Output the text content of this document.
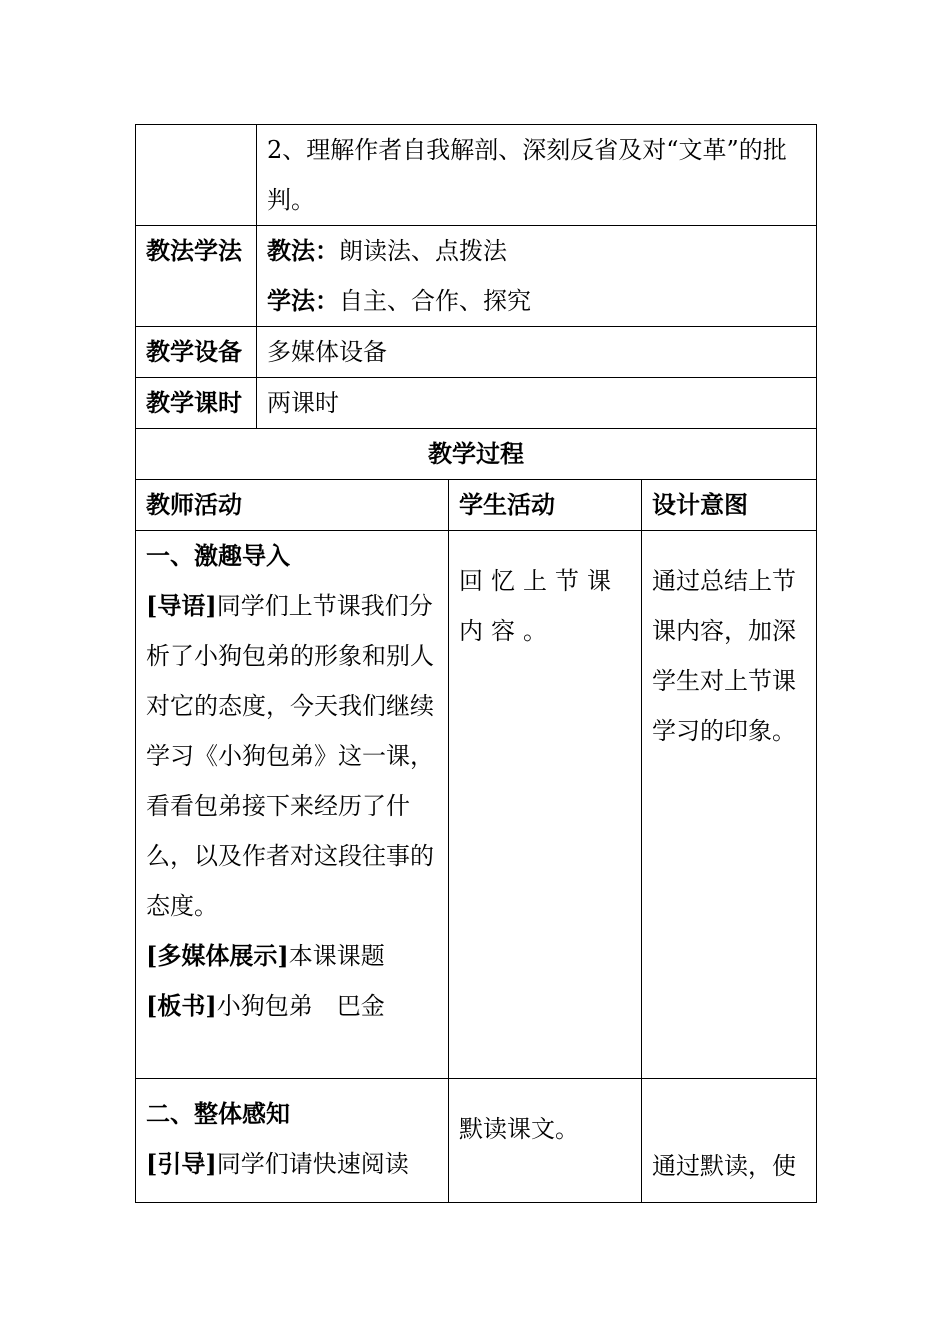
	2、理解作者自我解剖、深刻反省及对“文革”的批判。		

教法学法	教法：朗读法、点拨法

学法：自主、合作、探究		

教学设备	多媒体设备		
教学课时	两课时		
教学过程			
教师活动		学生活动	设计意图

一、激趣导入

[导语]同学们上节课我们分析了小狗包弟的形象和别人对它的态度，今天我们继续学习《小狗包弟》这一课，看看包弟接下来经历了什么，以及作者对这段往事的态度。

[多媒体展示]本课课题

[板书]小狗包弟　巴金		回忆上节课内容。	通过总结上节课内容，加深学生对上节课学习的印象。

二、整体感知

[引导]同学们请快速阅读		默读课文。	通过默读，使
